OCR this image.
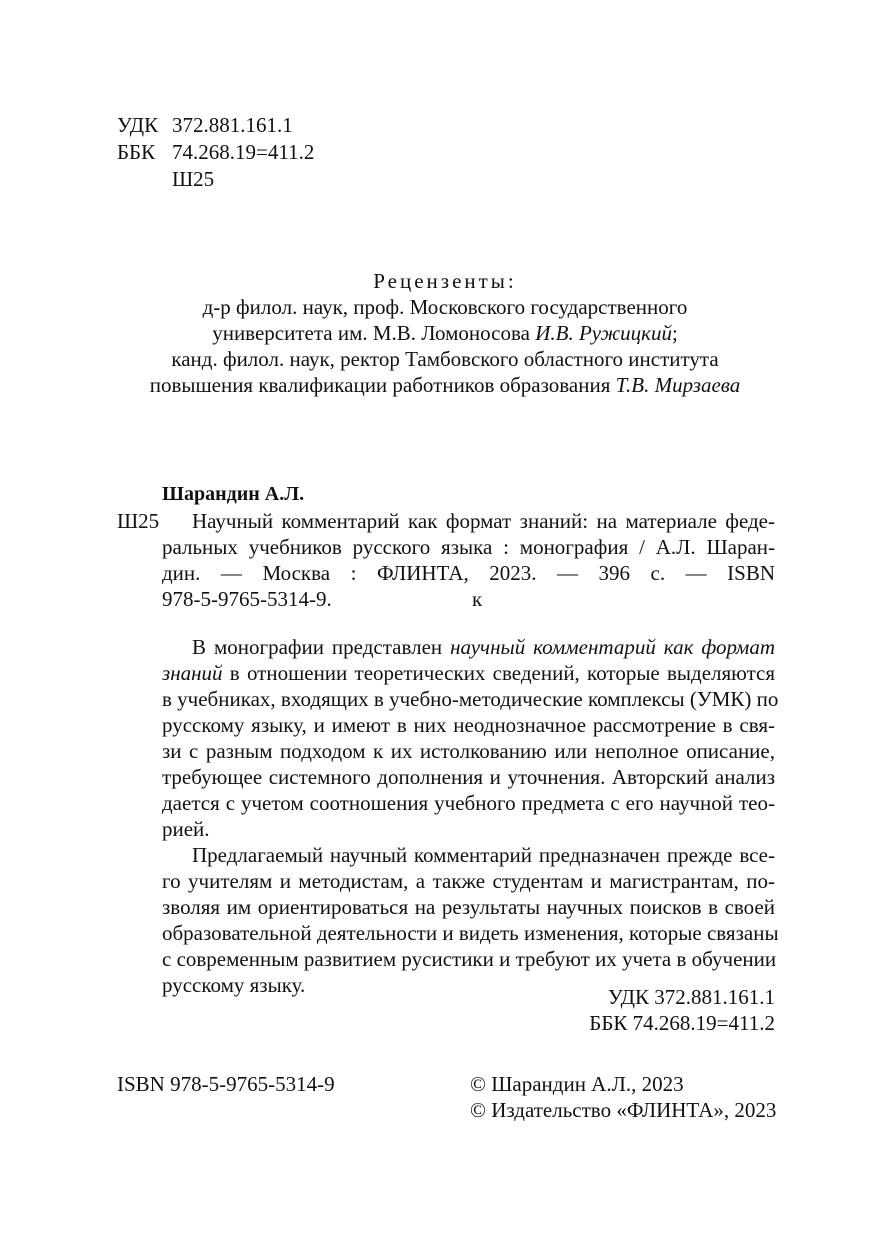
УДК 372.881.161.1
ББК 74.268.19=411.2
Ш25
Рецензенты:
д-р филол. наук, проф. Московского государственного
университета им. М.В. Ломоносова И.В. Ружицкий;
канд. филол. наук, ректор Тамбовского областного института
повышения квалификации работников образования Т.В. Мирзаева
Шарандин А.Л.
Ш25	Научный комментарий как формат знаний: на материале феде-
ральных учебников русского языка : монография / А.Л. Шаран-
дин. — Москва : ФЛИНТА, 2023. — 396 с. — ISBN
978-5-9765-5314-9.	к
В монографии представлен научный комментарий как формат
знаний в отношении теоретических сведений, которые выделяются
в учебниках, входящих в учебно-методические комплексы (УМК) по
русскому языку, и имеют в них неоднозначное рассмотрение в свя-
зи с разным подходом к их истолкованию или неполное описание,
требующее системного дополнения и уточнения. Авторский анализ
дается с учетом соотношения учебного предмета с его научной тео-
рией.
Предлагаемый научный комментарий предназначен прежде все-
го учителям и методистам, а также студентам и магистрантам, по-
зволяя им ориентироваться на результаты научных поисков в своей
образовательной деятельности и видеть изменения, которые связаны
с современным развитием русистики и требуют их учета в обучении
русскому языку.	УДК 372.881.161.1
ББК 74.268.19=411.2
ISBN 978-5-9765-5314-9	© Шарандин А.Л., 2023
© Издательство «ФЛИНТА», 2023
